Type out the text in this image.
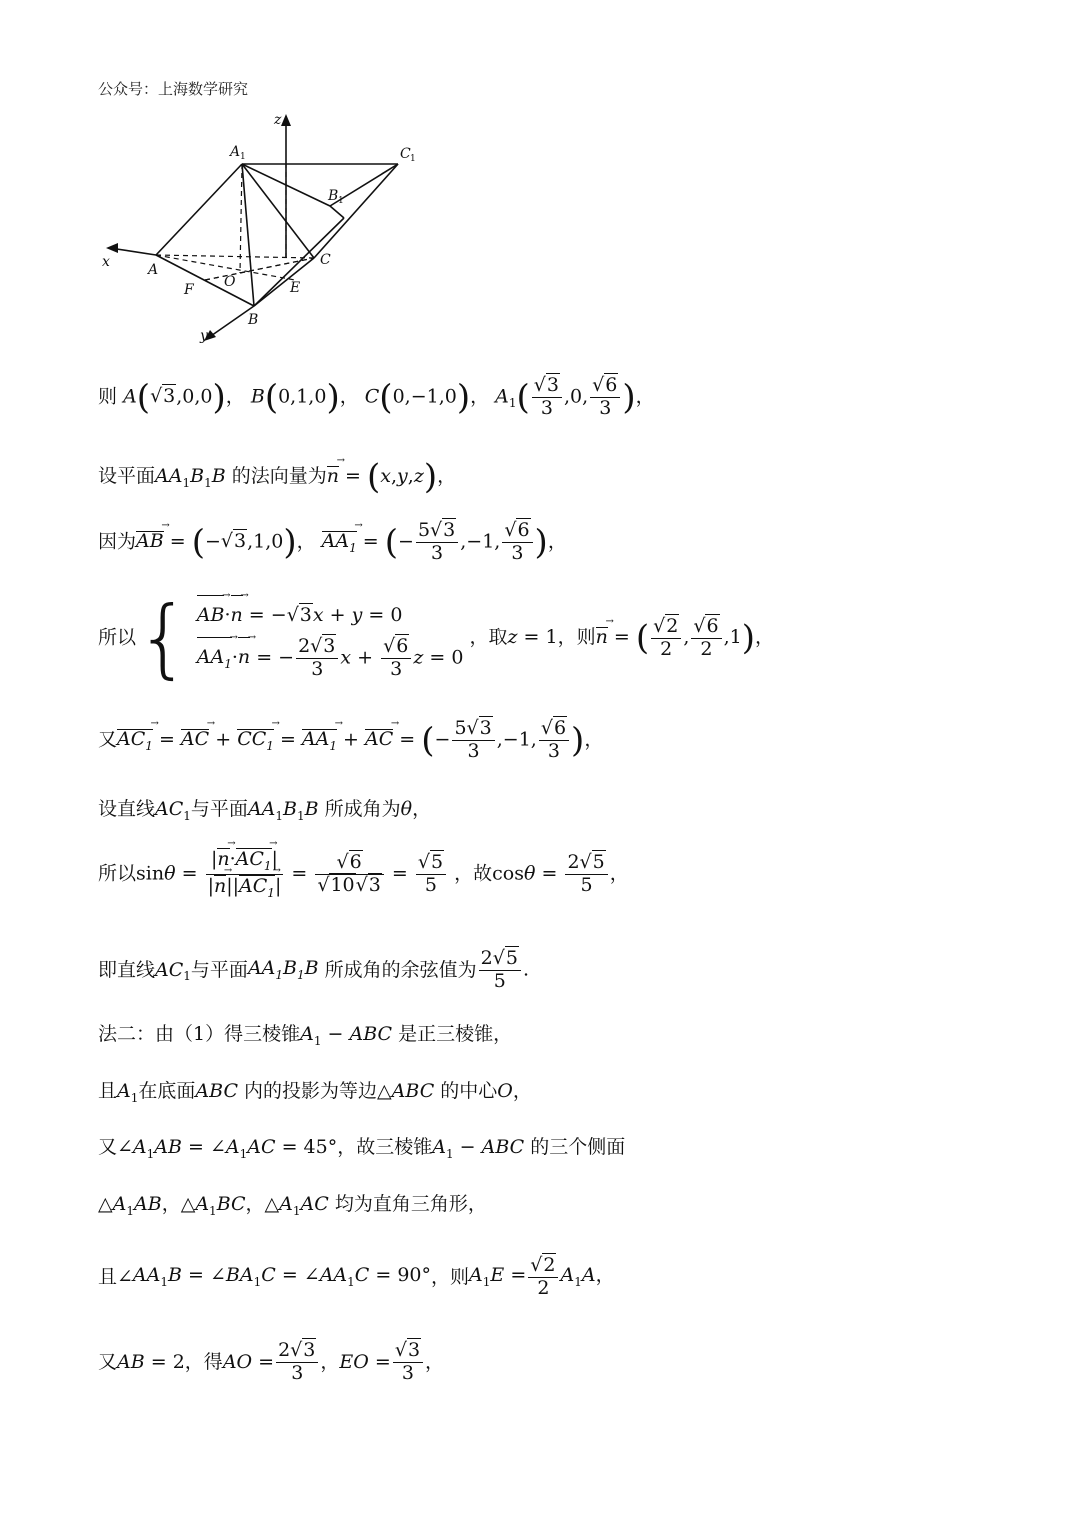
公众号：上海数学研究
z
x
y
A 1	C 1
B 1
A
C
O	E
F
B
则 A(√3,0,0)， B(0,1,0)， C(0,−1,0)， $A_1( \frac{√3}{3} ,0$, $\frac{√6}{3}$ )，
设平面$AA_1B_1B$ 的法向量为n → = (x,y,z)，
因为AB → = (−√3,1,0)， $AA_1$ → = (− $\frac{5√3}{3} ,-1$, $\frac{√6}{3}$ )，
所以{ AB →·n → = −√3x + y = 0
$AA_1 \to\cdot n$ → = − $\frac{2√3}{3}$ $x + \frac{√6}{3}$ z = 0 ，取z = 1，则n → = ( $\frac{√2}{2}$ , $\frac{√6}{2} ,1$)，
又$AC_1$ → = AC → + $CC_1$ → = $AA_1$ → + AC → = (− $\frac{5√3}{3} ,-1$, $\frac{√6}{3}$ )，
设直线$AC_1$与平面$AA_1B_1B$ 所成角为θ，
所以$\sin\theta = \frac{|n \to\cdot AC_1 \to|}{|n \to||AC_1 \to|} = \frac{√6}{√10√3} = \frac{√5}{5}$ ，故$\cos\theta = \frac{2√5}{5}$ ，
即直线$AC_1$与平面$AA_1B_1B$ 所成角的余弦值为 $\frac{2√5}{5}$ .
法二：由（1）得三棱锥$A_1$ − ABC 是正三棱锥，
且$A_1$在底面ABC 内的投影为等边△ABC 的中心O，
又$\angle A_1AB$ = $\angle A_1AC = 45^\circ$，故三棱锥$A_1$ − ABC 的三个侧面
$\triangle A_1AB$，$\triangle A_1BC$，$\triangle A_1AC$ 均为直角三角形，
且$\angle AA_1B$ = $\angle BA_1C$ = $\angle AA_1C = 90^\circ$，则$A_1E = \frac{√2}{2} A_1A$，
又AB = 2，得AO = $\frac{2√3}{3}$ ，EO = $\frac{√3}{3}$ ，
